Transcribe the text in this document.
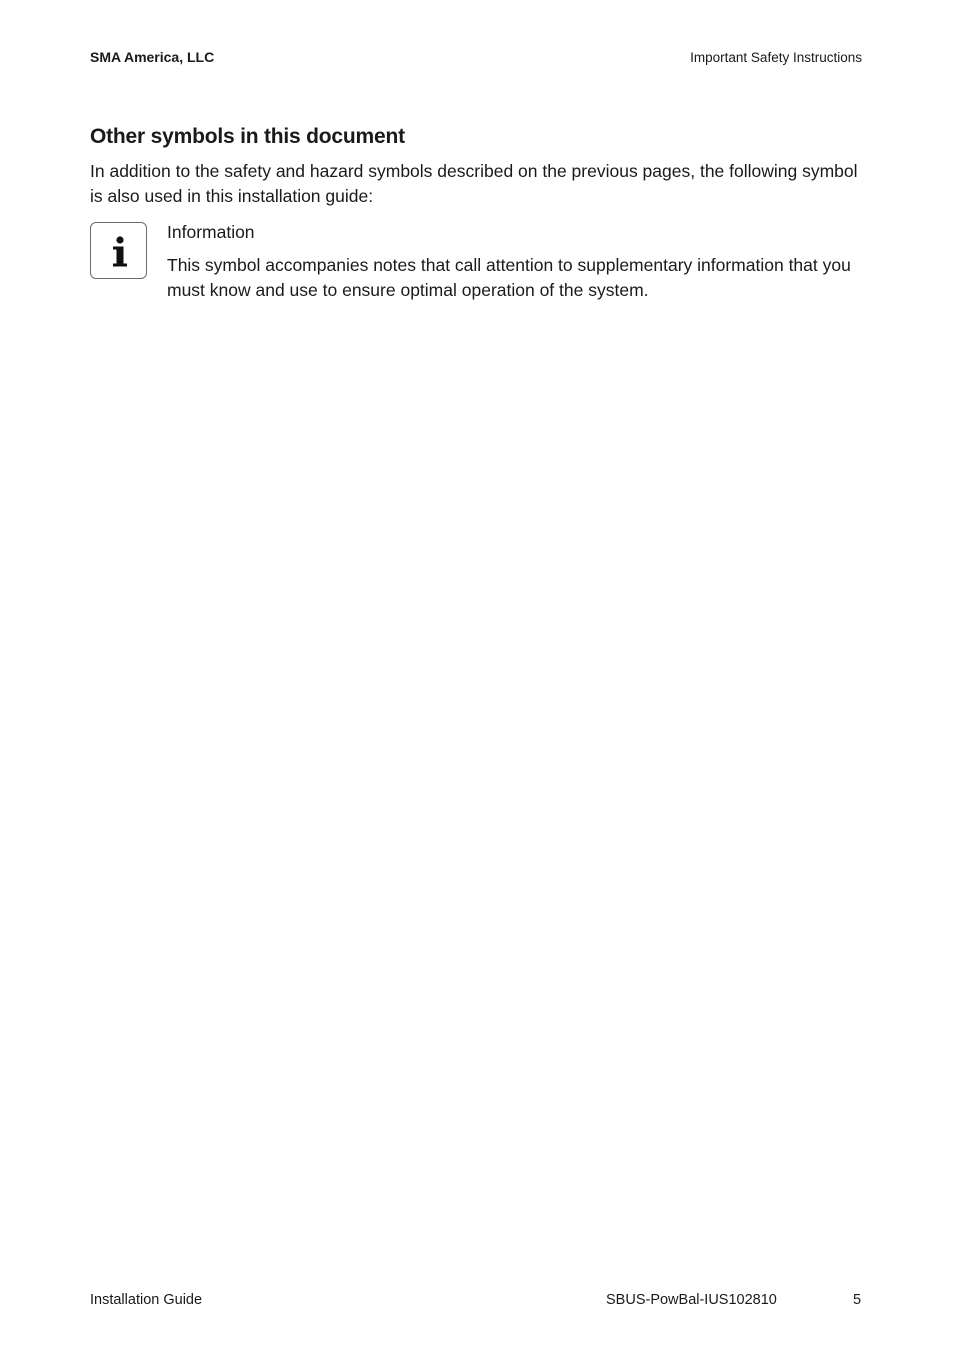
SMA America, LLC	Important Safety Instructions
Other symbols in this document

In addition to the safety and hazard symbols described on the previous pages, the following symbol is also used in this installation guide:

Information

This symbol accompanies notes that call attention to supplementary information that you must know and use to ensure optimal operation of the system.

Installation Guide	SBUS-PowBal-IUS102810	5
